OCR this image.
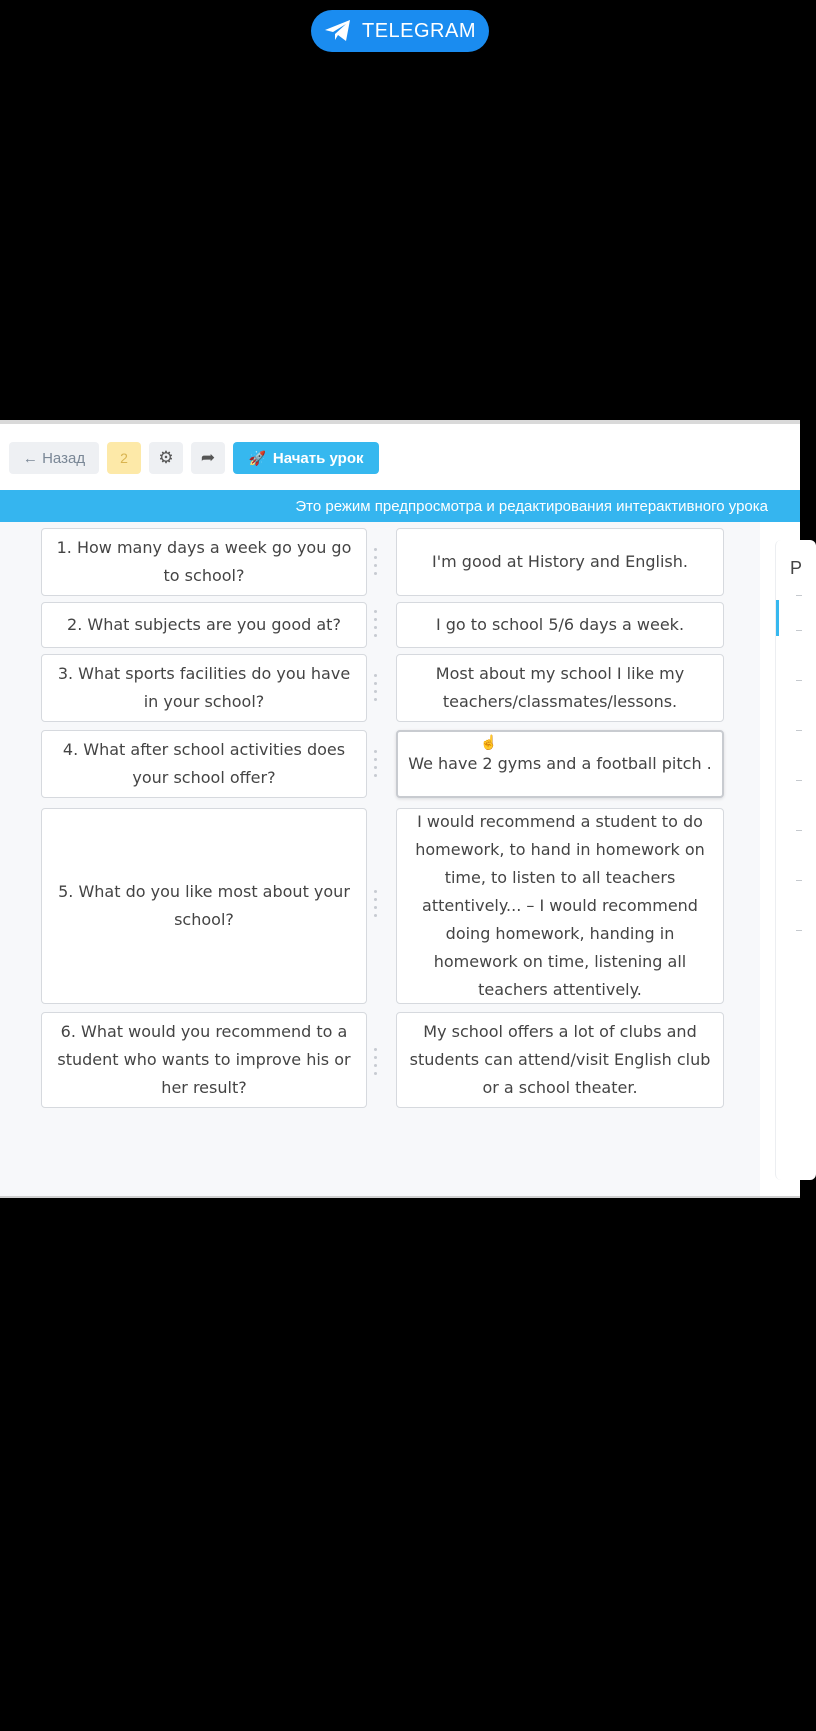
TELEGRAM
← Назад	2	⚙ ➦ 🚀 Начать урок
Это режим предпросмотра и редактирования интерактивного урока
1. How many days a week go you go to school?
2. What subjects are you good at?
3. What sports facilities do you have in your school?
4. What after school activities does your school offer?
5. What do you like most about your school?
6. What would you recommend to a student who wants to improve his or her result?
I'm good at History and English.
I go to school 5/6 days a week.
Most about my school I like my teachers/classmates/lessons.
We have 2 gyms and a football pitch .
I would recommend a student to do homework, to hand in homework on time, to listen to all teachers attentively... – I would recommend doing homework, handing in homework on time, listening all teachers attentively.
My school offers a lot of clubs and students can attend/visit English club or a school theater.
☝
P
